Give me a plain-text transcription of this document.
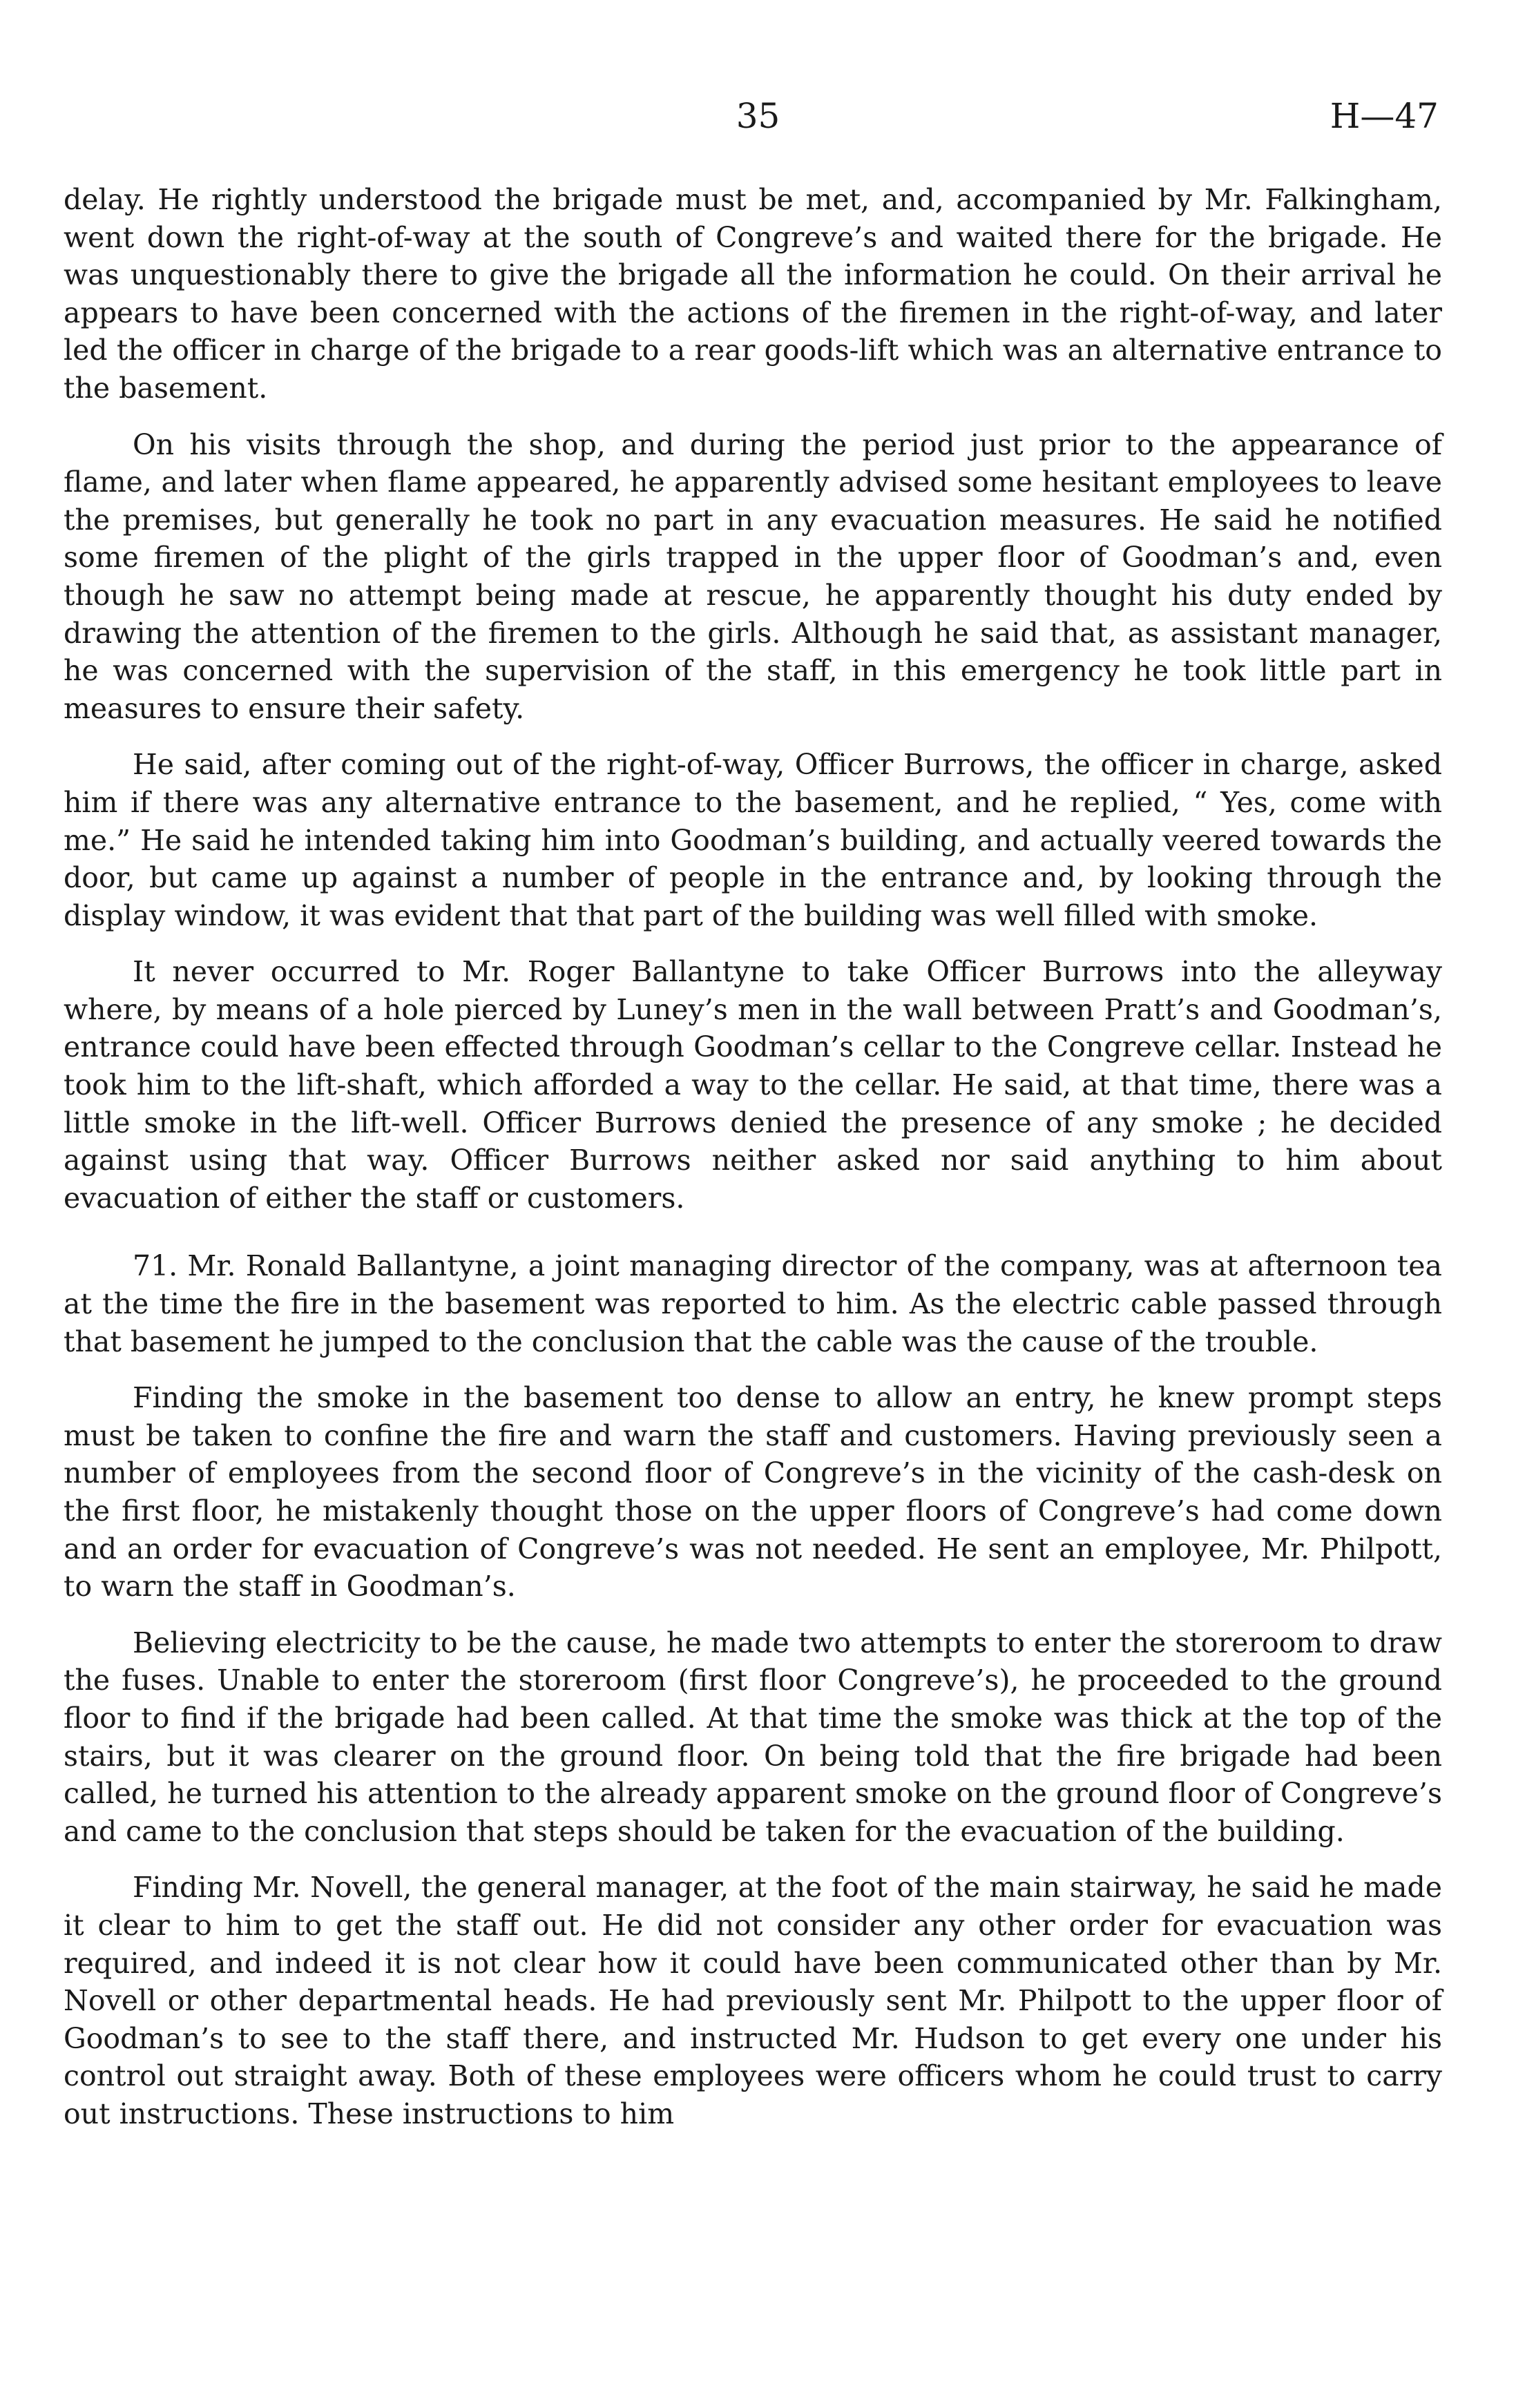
35	H—47

delay. He rightly understood the brigade must be met, and, accompanied by Mr. Falkingham, went down the right-of-way at the south of Congreve’s and waited there for the brigade. He was unquestionably there to give the brigade all the information he could. On their arrival he appears to have been concerned with the actions of the firemen in the right-of-way, and later led the officer in charge of the brigade to a rear goods-lift which was an alternative entrance to the basement.

On his visits through the shop, and during the period just prior to the appearance of flame, and later when flame appeared, he apparently advised some hesitant employees to leave the premises, but generally he took no part in any evacuation measures. He said he notified some firemen of the plight of the girls trapped in the upper floor of Goodman’s and, even though he saw no attempt being made at rescue, he apparently thought his duty ended by drawing the attention of the firemen to the girls. Although he said that, as assistant manager, he was concerned with the supervision of the staff, in this emergency he took little part in measures to ensure their safety.

He said, after coming out of the right-of-way, Officer Burrows, the officer in charge, asked him if there was any alternative entrance to the basement, and he replied, “ Yes, come with me.” He said he intended taking him into Goodman’s building, and actually veered towards the door, but came up against a number of people in the entrance and, by looking through the display window, it was evident that that part of the building was well filled with smoke.

It never occurred to Mr. Roger Ballantyne to take Officer Burrows into the alleyway where, by means of a hole pierced by Luney’s men in the wall between Pratt’s and Goodman’s, entrance could have been effected through Goodman’s cellar to the Congreve cellar. Instead he took him to the lift-shaft, which afforded a way to the cellar. He said, at that time, there was a little smoke in the lift-well. Officer Burrows denied the presence of any smoke ; he decided against using that way. Officer Burrows neither asked nor said anything to him about evacuation of either the staff or customers.

71. Mr. Ronald Ballantyne, a joint managing director of the company, was at afternoon tea at the time the fire in the basement was reported to him. As the electric cable passed through that basement he jumped to the conclusion that the cable was the cause of the trouble.

Finding the smoke in the basement too dense to allow an entry, he knew prompt steps must be taken to confine the fire and warn the staff and customers. Having previously seen a number of employees from the second floor of Congreve’s in the vicinity of the cash-desk on the first floor, he mistakenly thought those on the upper floors of Congreve’s had come down and an order for evacuation of Congreve’s was not needed. He sent an employee, Mr. Philpott, to warn the staff in Goodman’s.

Believing electricity to be the cause, he made two attempts to enter the storeroom to draw the fuses. Unable to enter the storeroom (first floor Congreve’s), he proceeded to the ground floor to find if the brigade had been called. At that time the smoke was thick at the top of the stairs, but it was clearer on the ground floor. On being told that the fire brigade had been called, he turned his attention to the already apparent smoke on the ground floor of Congreve’s and came to the conclusion that steps should be taken for the evacuation of the building.

Finding Mr. Novell, the general manager, at the foot of the main stairway, he said he made it clear to him to get the staff out. He did not consider any other order for evacuation was required, and indeed it is not clear how it could have been communicated other than by Mr. Novell or other departmental heads. He had previously sent Mr. Philpott to the upper floor of Goodman’s to see to the staff there, and instructed Mr. Hudson to get every one under his control out straight away. Both of these employees were officers whom he could trust to carry out instructions. These instructions to him
